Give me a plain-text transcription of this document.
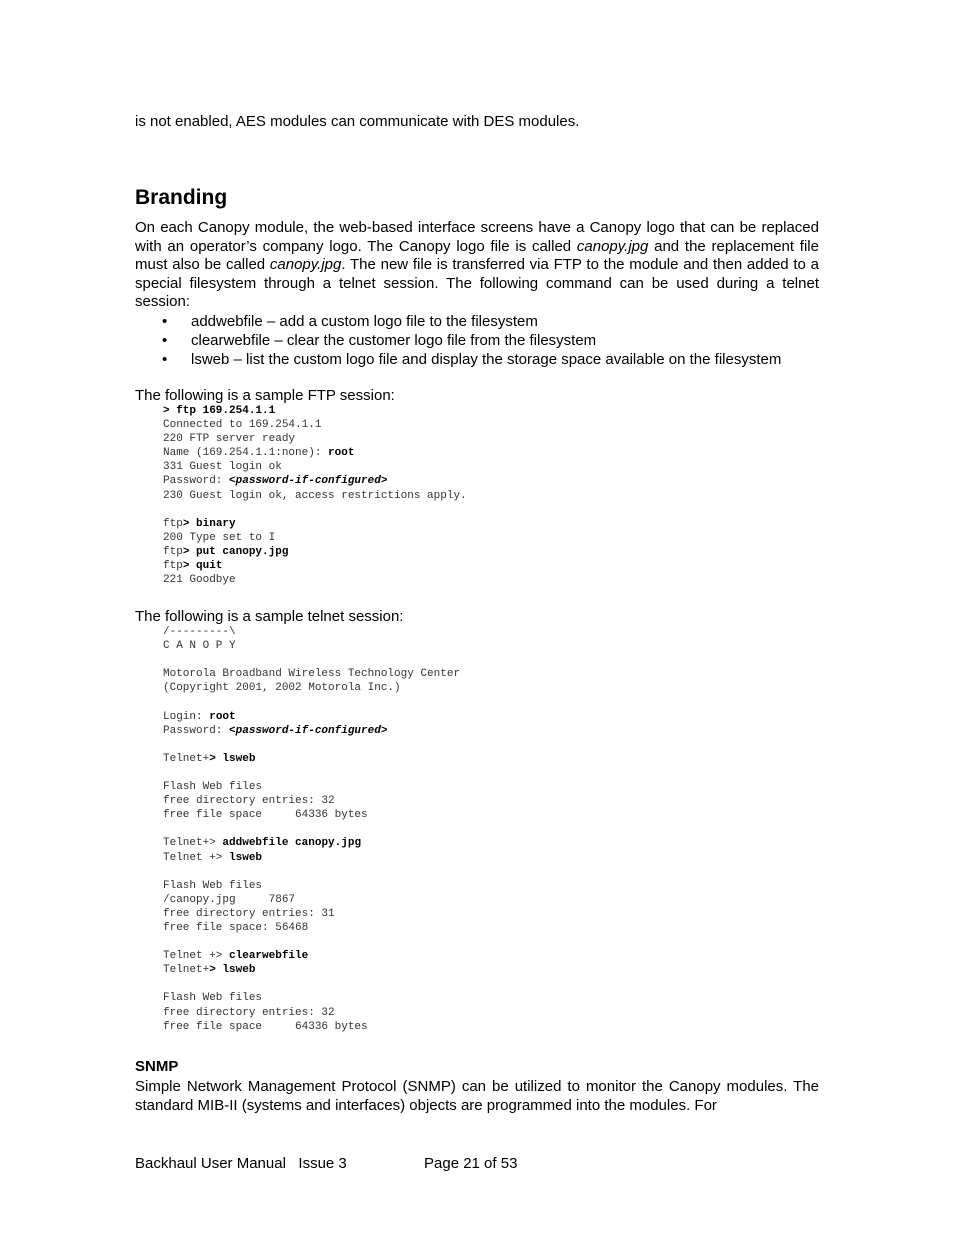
is not enabled, AES modules can communicate with DES modules.
Branding

On each Canopy module, the web-based interface screens have a Canopy logo that can be replaced with an operator’s company logo. The Canopy logo file is called canopy.jpg and the replacement file must also be called canopy.jpg. The new file is transferred via FTP to the module and then added to a special filesystem through a telnet session. The following command can be used during a telnet session:

• addwebfile – add a custom logo file to the filesystem
• clearwebfile – clear the customer logo file from the filesystem
• lsweb – list the custom logo file and display the storage space available on the filesystem
The following is a sample FTP session:
> ftp 169.254.1.1
Connected to 169.254.1.1
220 FTP server ready
Name (169.254.1.1:none): root
331 Guest login ok
Password: <password-if-configured>
230 Guest login ok, access restrictions apply.

ftp> binary
200 Type set to I
ftp> put canopy.jpg
ftp> quit
221 Goodbye
The following is a sample telnet session:
/---------\
C A N O P Y

Motorola Broadband Wireless Technology Center
(Copyright 2001, 2002 Motorola Inc.)

Login: root
Password: <password-if-configured>

Telnet+> lsweb

Flash Web files
free directory entries: 32
free file space     64336 bytes

Telnet+> addwebfile canopy.jpg
Telnet +> lsweb

Flash Web files
/canopy.jpg     7867
free directory entries: 31
free file space: 56468

Telnet +> clearwebfile
Telnet+> lsweb

Flash Web files
free directory entries: 32
free file space     64336 bytes
SNMP

Simple Network Management Protocol (SNMP) can be utilized to monitor the Canopy modules. The standard MIB-II (systems and interfaces) objects are programmed into the modules. For

Backhaul User Manual   Issue 3	Page 21 of 53
